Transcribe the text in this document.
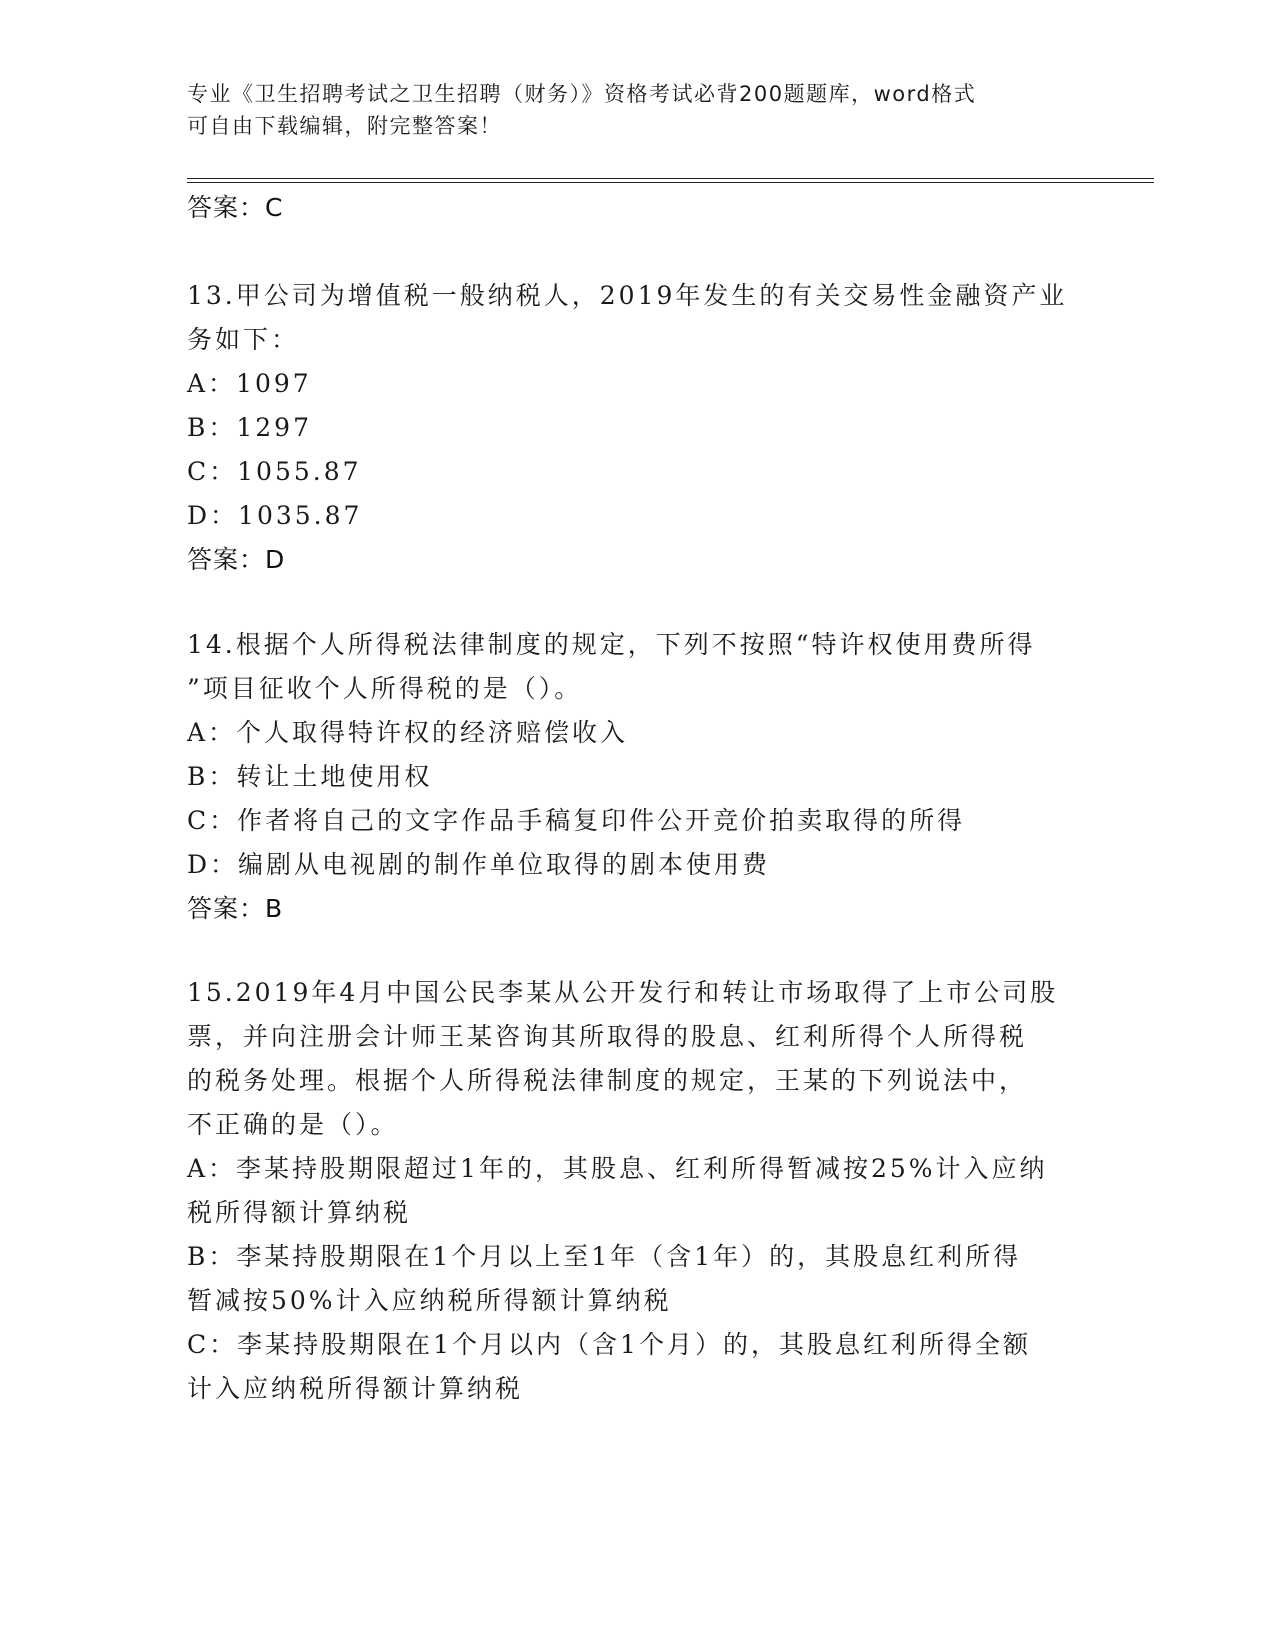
专业《卫生招聘考试之卫生招聘（财务）》资格考试必背200题题库，word格式
可自由下载编辑，附完整答案！
答案：C
13.甲公司为增值税一般纳税人，2019年发生的有关交易性金融资产业
务如下：
A：1097
B：1297
C：1055.87
D：1035.87
答案：D
14.根据个人所得税法律制度的规定，下列不按照“特许权使用费所得
”项目征收个人所得税的是（）。
A：个人取得特许权的经济赔偿收入
B：转让土地使用权
C：作者将自己的文字作品手稿复印件公开竞价拍卖取得的所得
D：编剧从电视剧的制作单位取得的剧本使用费
答案：B
15.2019年4月中国公民李某从公开发行和转让市场取得了上市公司股
票，并向注册会计师王某咨询其所取得的股息、红利所得个人所得税
的税务处理。根据个人所得税法律制度的规定，王某的下列说法中，
不正确的是（）。
A：李某持股期限超过1年的，其股息、红利所得暂减按25%计入应纳
税所得额计算纳税
B：李某持股期限在1个月以上至1年（含1年）的，其股息红利所得
暂减按50%计入应纳税所得额计算纳税
C：李某持股期限在1个月以内（含1个月）的，其股息红利所得全额
计入应纳税所得额计算纳税
